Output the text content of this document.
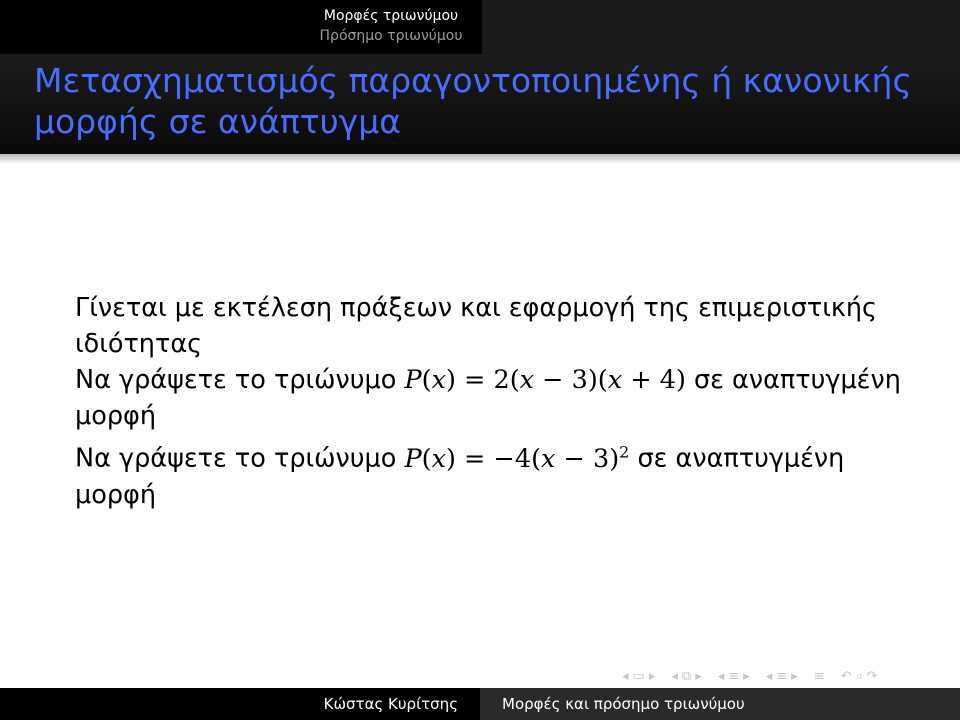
Μορφές τριωνύμου
Πρόσημο τριωνύμου
Μετασχηματισμός παραγοντοποιημένης ή κανονικής μορφής σε ανάπτυγμα
Γίνεται με εκτέλεση πράξεων και εφαρμογή της επιμεριστικής
ιδιότητας
Να γράψετε το τριώνυμο P(x) = 2(x − 3)(x + 4) σε αναπτυγμένη
μορφή
Να γράψετε το τριώνυμο $P(x) = -4(x - 3)^2$ σε αναπτυγμένη
μορφή
◂ ▭ ▸ ◂ ⧉ ▸ ◂ ≡ ▸ ◂ ≡ ▸ ≡ ↶ ⌕ ↷
Κώστας Κυρίτσης	Μορφές και πρόσημο τριωνύμου
